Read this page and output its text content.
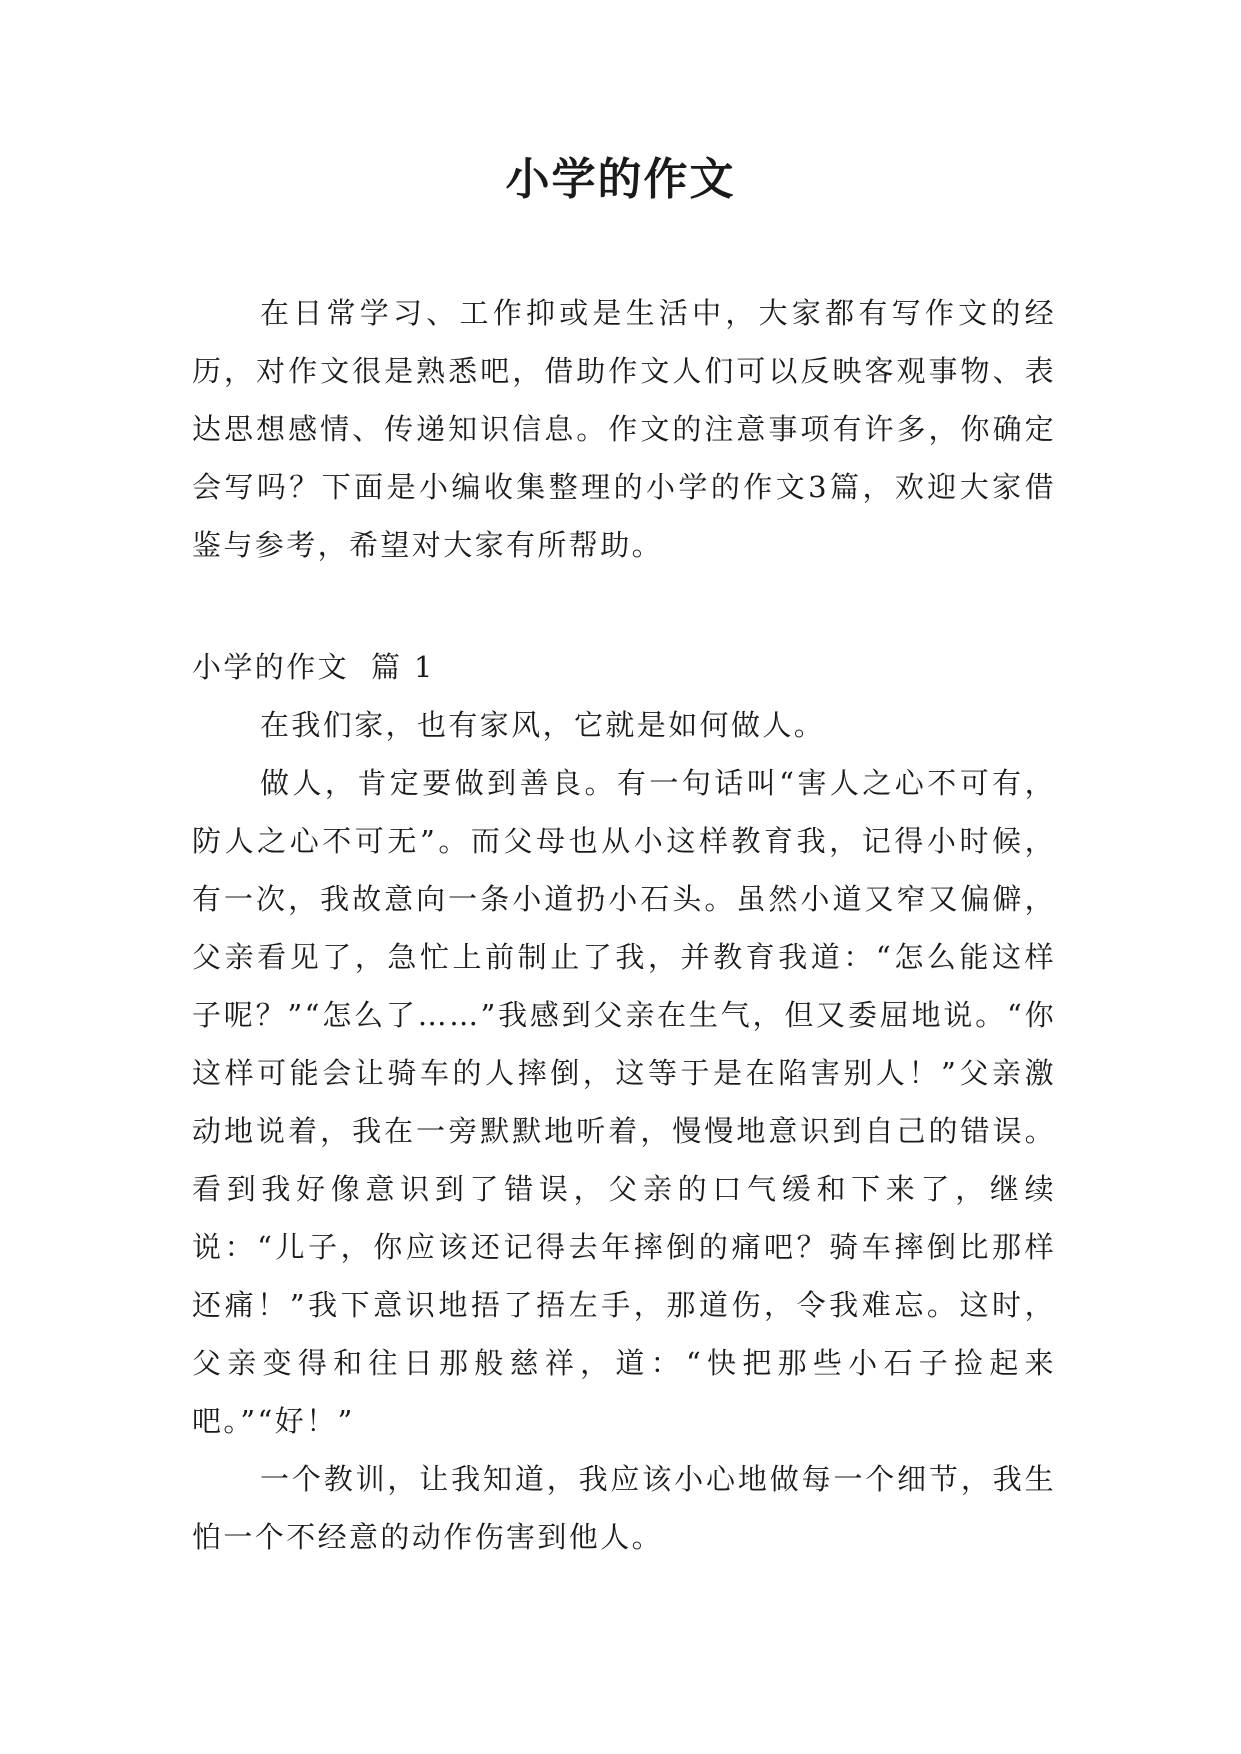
小学的作文

在日常学习、工作抑或是生活中，大家都有写作文的经历，对作文很是熟悉吧，借助作文人们可以反映客观事物、表达思想感情、传递知识信息。作文的注意事项有许多，你确定会写吗？下面是小编收集整理的小学的作文3篇，欢迎大家借鉴与参考，希望对大家有所帮助。

小学的作文 篇 1

在我们家，也有家风，它就是如何做人。

做人，肯定要做到善良。有一句话叫“害人之心不可有，防人之心不可无”。而父母也从小这样教育我，记得小时候，有一次，我故意向一条小道扔小石头。虽然小道又窄又偏僻，父亲看见了，急忙上前制止了我，并教育我道：“怎么能这样子呢？”“怎么了……”我感到父亲在生气，但又委屈地说。“你这样可能会让骑车的人摔倒，这等于是在陷害别人！”父亲激动地说着，我在一旁默默地听着，慢慢地意识到自己的错误。看到我好像意识到了错误，父亲的口气缓和下来了，继续说：“儿子，你应该还记得去年摔倒的痛吧？骑车摔倒比那样还痛！”我下意识地捂了捂左手，那道伤，令我难忘。这时，父亲变得和往日那般慈祥，道：“快把那些小石子捡起来吧。”“好！”

一个教训，让我知道，我应该小心地做每一个细节，我生怕一个不经意的动作伤害到他人。
